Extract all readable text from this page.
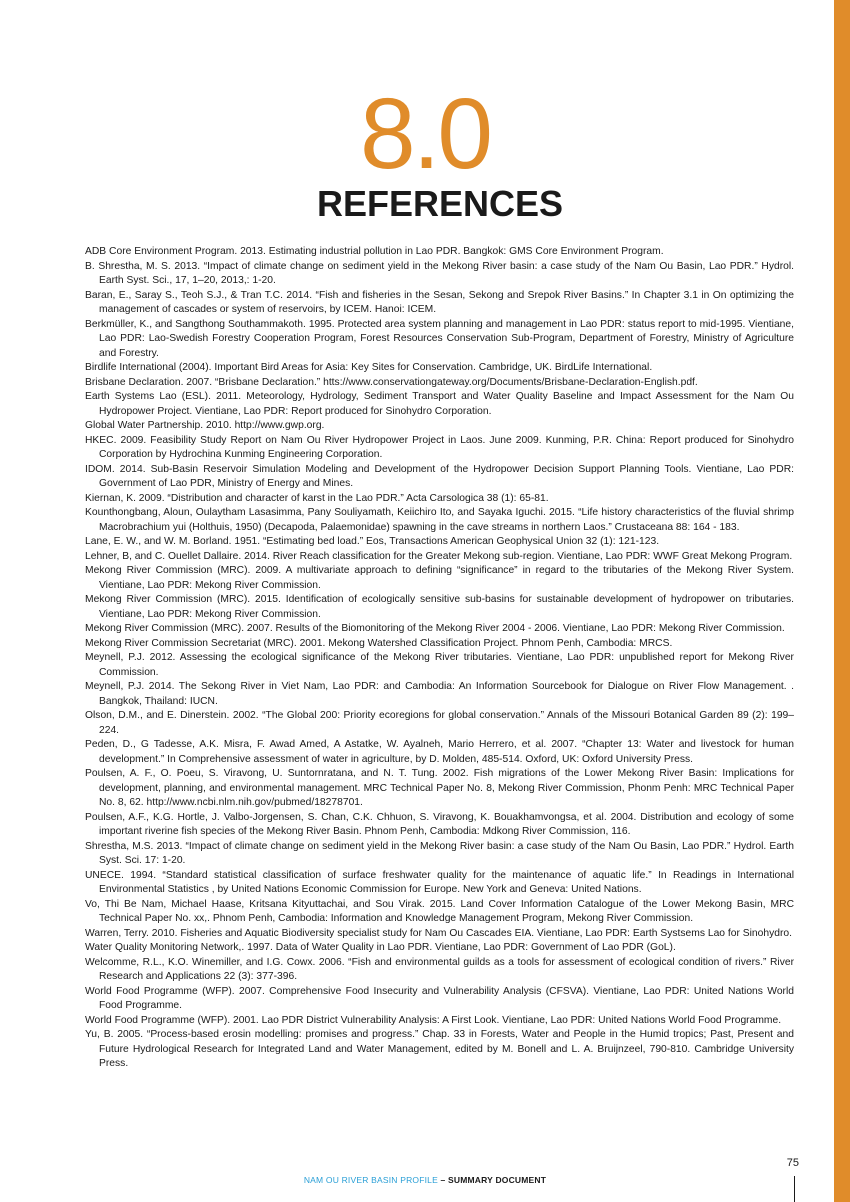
8.0
REFERENCES

ADB Core Environment Program. 2013. Estimating industrial pollution in Lao PDR. Bangkok: GMS Core Environment Program.

B. Shrestha, M. S. 2013. “Impact of climate change on sediment yield in the Mekong River basin: a case study of the Nam Ou Basin, Lao PDR.” Hydrol. Earth Syst. Sci., 17, 1–20, 2013,: 1-20.

Baran, E., Saray S., Teoh S.J., & Tran T.C. 2014. “Fish and fisheries in the Sesan, Sekong and Srepok River Basins.” In Chapter 3.1 in On optimizing the management of cascades or system of reservoirs, by ICEM. Hanoi: ICEM.

Berkmüller, K., and Sangthong Southammakoth. 1995. Protected area system planning and management in Lao PDR: status report to mid-1995. Vientiane, Lao PDR: Lao-Swedish Forestry Cooperation Program, Forest Resources Conservation Sub-Program, Department of Forestry, Ministry of Agriculture and Forestry.

Birdlife International (2004). Important Bird Areas for Asia: Key Sites for Conservation. Cambridge, UK. BirdLife International.

Brisbane Declaration. 2007. “Brisbane Declaration.” htts://www.conservationgateway.org/Documents/Brisbane-Declaration-English.pdf.

Earth Systems Lao (ESL). 2011. Meteorology, Hydrology, Sediment Transport and Water Quality Baseline and Impact Assessment for the Nam Ou Hydropower Project. Vientiane, Lao PDR: Report produced for Sinohydro Corporation.

Global Water Partnership. 2010. http://www.gwp.org.

HKEC. 2009. Feasibility Study Report on Nam Ou River Hydropower Project in Laos. June 2009. Kunming, P.R. China: Report produced for Sinohydro Corporation by Hydrochina Kunming Engineering Corporation.

IDOM. 2014. Sub-Basin Reservoir Simulation Modeling and Development of the Hydropower Decision Support Planning Tools. Vientiane, Lao PDR: Government of Lao PDR, Ministry of Energy and Mines.

Kiernan, K. 2009. “Distribution and character of karst in the Lao PDR.” Acta Carsologica 38 (1): 65-81.

Kounthongbang, Aloun, Oulaytham Lasasimma, Pany Souliyamath, Keiichiro Ito, and Sayaka Iguchi. 2015. “Life history characteristics of the fluvial shrimp Macrobrachium yui (Holthuis, 1950) (Decapoda, Palaemonidae) spawning in the cave streams in northern Laos.” Crustaceana 88: 164 - 183.

Lane, E. W., and W. M. Borland. 1951. “Estimating bed load.” Eos, Transactions American Geophysical Union 32 (1): 121-123.

Lehner, B, and C. Ouellet Dallaire. 2014. River Reach classification for the Greater Mekong sub-region. Vientiane, Lao PDR: WWF Great Mekong Program.

Mekong River Commission (MRC). 2009. A multivariate approach to defining “significance” in regard to the tributaries of the Mekong River System. Vientiane, Lao PDR: Mekong River Commission.

Mekong River Commission (MRC). 2015. Identification of ecologically sensitive sub-basins for sustainable development of hydropower on tributaries. Vientiane, Lao PDR: Mekong River Commission.

Mekong River Commission (MRC). 2007. Results of the Biomonitoring of the Mekong River 2004 - 2006. Vientiane, Lao PDR: Mekong River Commission.

Mekong River Commission Secretariat (MRC). 2001. Mekong Watershed Classification Project. Phnom Penh, Cambodia: MRCS.

Meynell, P.J. 2012. Assessing the ecological significance of the Mekong River tributaries. Vientiane, Lao PDR: unpublished report for Mekong River Commission.

Meynell, P.J. 2014. The Sekong River in Viet Nam, Lao PDR: and Cambodia: An Information Sourcebook for Dialogue on River Flow Management. . Bangkok, Thailand: IUCN.

Olson, D.M., and E. Dinerstein. 2002. “The Global 200: Priority ecoregions for global conservation.” Annals of the Missouri Botanical Garden 89 (2): 199–224.

Peden, D., G Tadesse, A.K. Misra, F. Awad Amed, A Astatke, W. Ayalneh, Mario Herrero, et al. 2007. “Chapter 13: Water and livestock for human development.” In Comprehensive assessment of water in agriculture, by D. Molden, 485-514. Oxford, UK: Oxford University Press.

Poulsen, A. F., O. Poeu, S. Viravong, U. Suntornratana, and N. T. Tung. 2002. Fish migrations of the Lower Mekong River Basin: Implications for development, planning, and environmental management. MRC Technical Paper No. 8, Mekong River Commission, Phonm Penh: MRC Technical Paper No. 8, 62. http://www.ncbi.nlm.nih.gov/pubmed/18278701.

Poulsen, A.F., K.G. Hortle, J. Valbo-Jorgensen, S. Chan, C.K. Chhuon, S. Viravong, K. Bouakhamvongsa, et al. 2004. Distribution and ecology of some important riverine fish species of the Mekong River Basin. Phnom Penh, Cambodia: Mdkong River Commission, 116.

Shrestha, M.S. 2013. “Impact of climate change on sediment yield in the Mekong River basin: a case study of the Nam Ou Basin, Lao PDR.” Hydrol. Earth Syst. Sci. 17: 1-20.

UNECE. 1994. “Standard statistical classification of surface freshwater quality for the maintenance of aquatic life.” In Readings in International Environmental Statistics , by United Nations Economic Commission for Europe. New York and Geneva: United Nations.

Vo, Thi Be Nam, Michael Haase, Kritsana Kityuttachai, and Sou Virak. 2015. Land Cover Information Catalogue of the Lower Mekong Basin, MRC Technical Paper No. xx,. Phnom Penh, Cambodia: Information and Knowledge Management Program, Mekong River Commission.

Warren, Terry. 2010. Fisheries and Aquatic Biodiversity specialist study for Nam Ou Cascades EIA. Vientiane, Lao PDR: Earth Systsems Lao for Sinohydro.

Water Quality Monitoring Network,. 1997. Data of Water Quality in Lao PDR. Vientiane, Lao PDR: Government of Lao PDR (GoL).

Welcomme, R.L., K.O. Winemiller, and I.G. Cowx. 2006. “Fish and environmental guilds as a tools for assessment of ecological condition of rivers.” River Research and Applications 22 (3): 377-396.

World Food Programme (WFP). 2007. Comprehensive Food Insecurity and Vulnerability Analysis (CFSVA). Vientiane, Lao PDR: United Nations World Food Programme.

World Food Programme (WFP). 2001. Lao PDR District Vulnerability Analysis: A First Look. Vientiane, Lao PDR: United Nations World Food Programme.

Yu, B. 2005. “Process-based erosin modelling: promises and progress.” Chap. 33 in Forests, Water and People in the Humid tropics; Past, Present and Future Hydrological Research for Integrated Land and Water Management, edited by M. Bonell and L. A. Bruijnzeel, 790-810. Cambridge University Press.

75
NAM OU RIVER BASIN PROFILE – SUMMARY DOCUMENT
